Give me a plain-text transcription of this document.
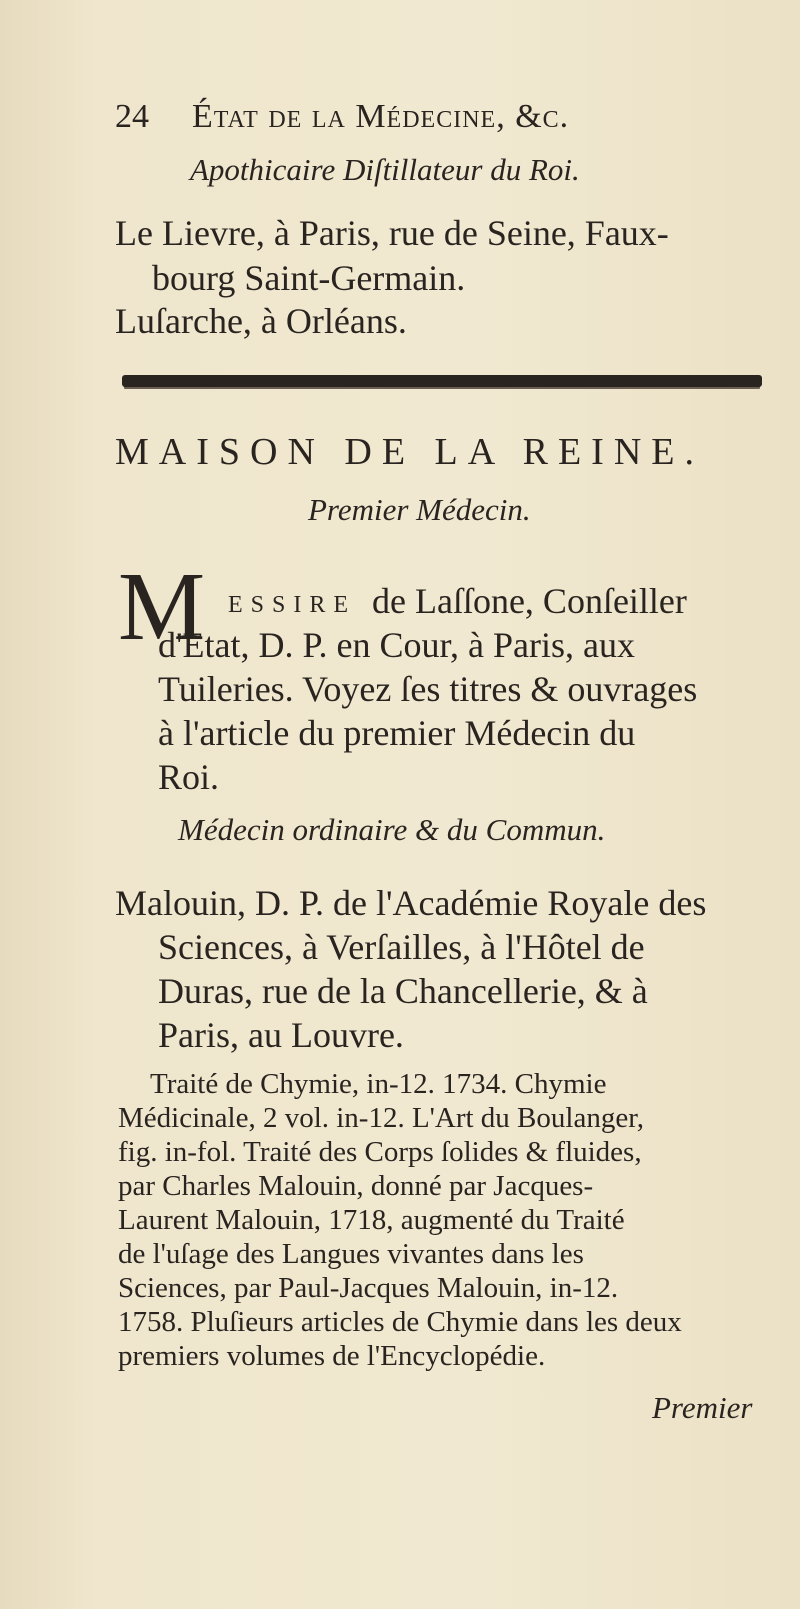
24 État de la Médecine, &c.
Apothicaire Diſtillateur du Roi.
Le Lievre, à Paris, rue de Seine, Faux-
bourg Saint-Germain.
Luſarche, à Orléans.
MAISON DE LA REINE.
Premier Médecin.
M ESSIRE de Laſſone, Conſeiller
d'Etat, D. P. en Cour, à Paris, aux
Tuileries. Voyez ſes titres & ouvrages
à l'article du premier Médecin du
Roi.
Médecin ordinaire & du Commun.
Malouin, D. P. de l'Académie Royale des
Sciences, à Verſailles, à l'Hôtel de
Duras, rue de la Chancellerie, & à
Paris, au Louvre.
Traité de Chymie, in-12. 1734. Chymie
Médicinale, 2 vol. in-12. L'Art du Boulanger,
fig. in-fol. Traité des Corps ſolides & fluides,
par Charles Malouin, donné par Jacques-
Laurent Malouin, 1718, augmenté du Traité
de l'uſage des Langues vivantes dans les
Sciences, par Paul-Jacques Malouin, in-12.
1758. Pluſieurs articles de Chymie dans les deux
premiers volumes de l'Encyclopédie.
Premier
